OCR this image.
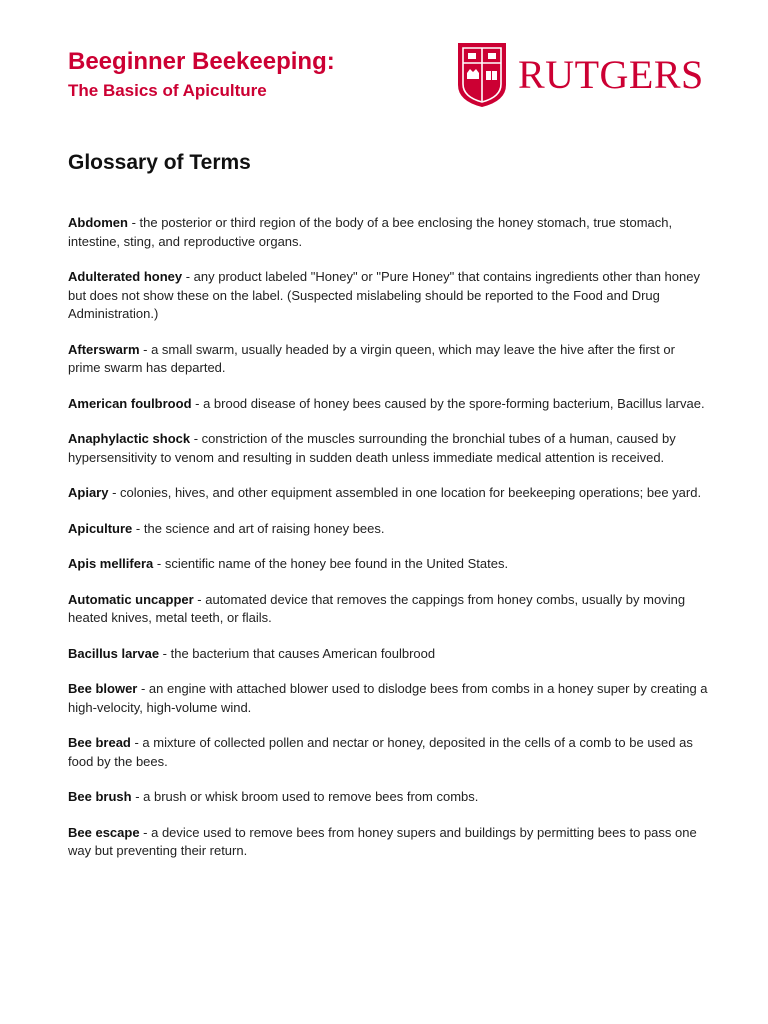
Beeginner Beekeeping:
The Basics of Apiculture	RUTGERS
Glossary of Terms

Abdomen - the posterior or third region of the body of a bee enclosing the honey stomach, true stomach, intestine, sting, and reproductive organs.

Adulterated honey - any product labeled "Honey" or "Pure Honey" that contains ingredients other than honey but does not show these on the label. (Suspected mislabeling should be reported to the Food and Drug Administration.)

Afterswarm - a small swarm, usually headed by a virgin queen, which may leave the hive after the first or prime swarm has departed.

American foulbrood - a brood disease of honey bees caused by the spore-forming bacterium, Bacillus larvae.

Anaphylactic shock - constriction of the muscles surrounding the bronchial tubes of a human, caused by hypersensitivity to venom and resulting in sudden death unless immediate medical attention is received.

Apiary - colonies, hives, and other equipment assembled in one location for beekeeping operations; bee yard.

Apiculture - the science and art of raising honey bees.

Apis mellifera - scientific name of the honey bee found in the United States.

Automatic uncapper - automated device that removes the cappings from honey combs, usually by moving heated knives, metal teeth, or flails.

Bacillus larvae - the bacterium that causes American foulbrood

Bee blower - an engine with attached blower used to dislodge bees from combs in a honey super by creating a high-velocity, high-volume wind.

Bee bread - a mixture of collected pollen and nectar or honey, deposited in the cells of a comb to be used as food by the bees.

Bee brush - a brush or whisk broom used to remove bees from combs.

Bee escape - a device used to remove bees from honey supers and buildings by permitting bees to pass one way but preventing their return.
